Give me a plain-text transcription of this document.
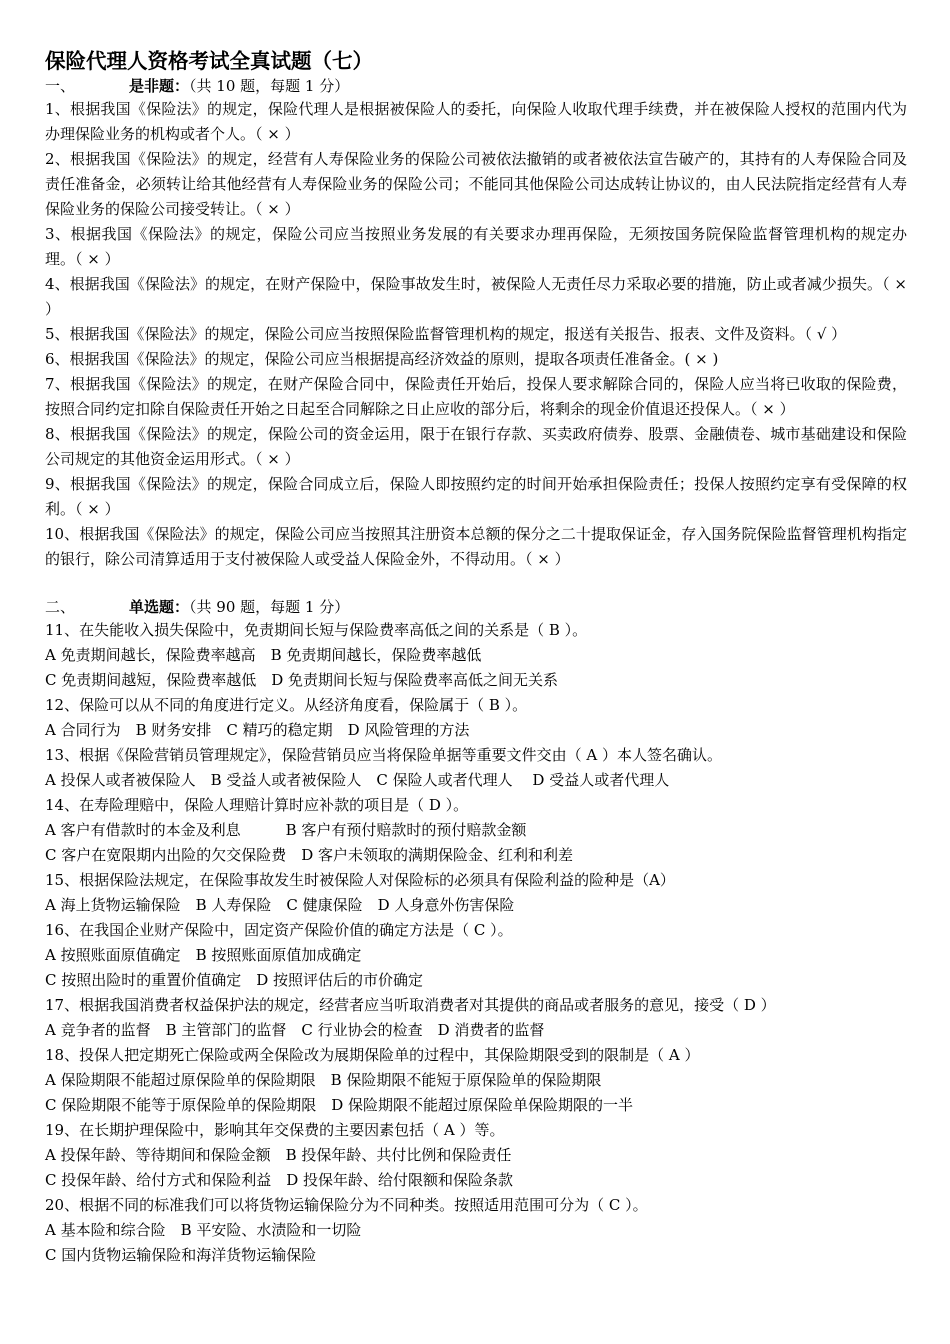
保险代理人资格考试全真试题（七）

一、	是非题：（共 10 题，每题 1 分）

1、根据我国《保险法》的规定，保险代理人是根据被保险人的委托，向保险人收取代理手续费，并在被保险人授权的范围内代为办理保险业务的机构或者个人。（ × ）

2、根据我国《保险法》的规定，经营有人寿保险业务的保险公司被依法撤销的或者被依法宣告破产的，其持有的人寿保险合同及责任准备金，必须转让给其他经营有人寿保险业务的保险公司；不能同其他保险公司达成转让协议的，由人民法院指定经营有人寿保险业务的保险公司接受转让。（ × ）

3、根据我国《保险法》的规定，保险公司应当按照业务发展的有关要求办理再保险，无须按国务院保险监督管理机构的规定办理。（ × ）

4、根据我国《保险法》的规定，在财产保险中，保险事故发生时，被保险人无责任尽力采取必要的措施，防止或者减少损失。（ × ）

5、根据我国《保险法》的规定，保险公司应当按照保险监督管理机构的规定，报送有关报告、报表、文件及资料。（ √ ）

6、根据我国《保险法》的规定，保险公司应当根据提高经济效益的原则，提取各项责任准备金。( × )

7、根据我国《保险法》的规定，在财产保险合同中，保险责任开始后，投保人要求解除合同的，保险人应当将已收取的保险费，按照合同约定扣除自保险责任开始之日起至合同解除之日止应收的部分后，将剩余的现金价值退还投保人。（ × ）

8、根据我国《保险法》的规定，保险公司的资金运用，限于在银行存款、买卖政府债券、股票、金融债卷、城市基础建设和保险公司规定的其他资金运用形式。（ × ）

9、根据我国《保险法》的规定，保险合同成立后，保险人即按照约定的时间开始承担保险责任；投保人按照约定享有受保障的权利。（ × ）

10、根据我国《保险法》的规定，保险公司应当按照其注册资本总额的保分之二十提取保证金，存入国务院保险监督管理机构指定的银行，除公司清算适用于支付被保险人或受益人保险金外，不得动用。（ × ）

二、	单选题：（共 90 题，每题 1 分）

11、在失能收入损失保险中，免责期间长短与保险费率高低之间的关系是（ B ）。

A 免责期间越长，保险费率越高　B 免责期间越长，保险费率越低

C 免责期间越短，保险费率越低　D 免责期间长短与保险费率高低之间无关系

12、保险可以从不同的角度进行定义。从经济角度看，保险属于（ B ）。

A 合同行为　B 财务安排　C 精巧的稳定期　D 风险管理的方法

13、根据《保险营销员管理规定》，保险营销员应当将保险单据等重要文件交由（ A ）本人签名确认。

A 投保人或者被保险人　B 受益人或者被保险人　C 保险人或者代理人　 D 受益人或者代理人

14、在寿险理赔中，保险人理赔计算时应补款的项目是（ D ）。

A 客户有借款时的本金及利息　　　B 客户有预付赔款时的预付赔款金额

C 客户在宽限期内出险的欠交保险费　D 客户未领取的满期保险金、红利和利差

15、根据保险法规定，在保险事故发生时被保险人对保险标的必须具有保险利益的险种是（A）

A 海上货物运输保险　B 人寿保险　C 健康保险　D 人身意外伤害保险

16、在我国企业财产保险中，固定资产保险价值的确定方法是（ C ）。

A 按照账面原值确定　B 按照账面原值加成确定

C 按照出险时的重置价值确定　D 按照评估后的市价确定

17、根据我国消费者权益保护法的规定，经营者应当听取消费者对其提供的商品或者服务的意见，接受（ D ）

A 竞争者的监督　B 主管部门的监督　C 行业协会的检查　D 消费者的监督

18、投保人把定期死亡保险或两全保险改为展期保险单的过程中，其保险期限受到的限制是（ A ）

A 保险期限不能超过原保险单的保险期限　B 保险期限不能短于原保险单的保险期限

C 保险期限不能等于原保险单的保险期限　D 保险期限不能超过原保险单保险期限的一半

19、在长期护理保险中，影响其年交保费的主要因素包括（ A ）等。

A 投保年龄、等待期间和保险金额　B 投保年龄、共付比例和保险责任

C 投保年龄、给付方式和保险利益　D 投保年龄、给付限额和保险条款

20、根据不同的标准我们可以将货物运输保险分为不同种类。按照适用范围可分为（ C ）。

A 基本险和综合险　B 平安险、水渍险和一切险

C 国内货物运输保险和海洋货物运输保险
